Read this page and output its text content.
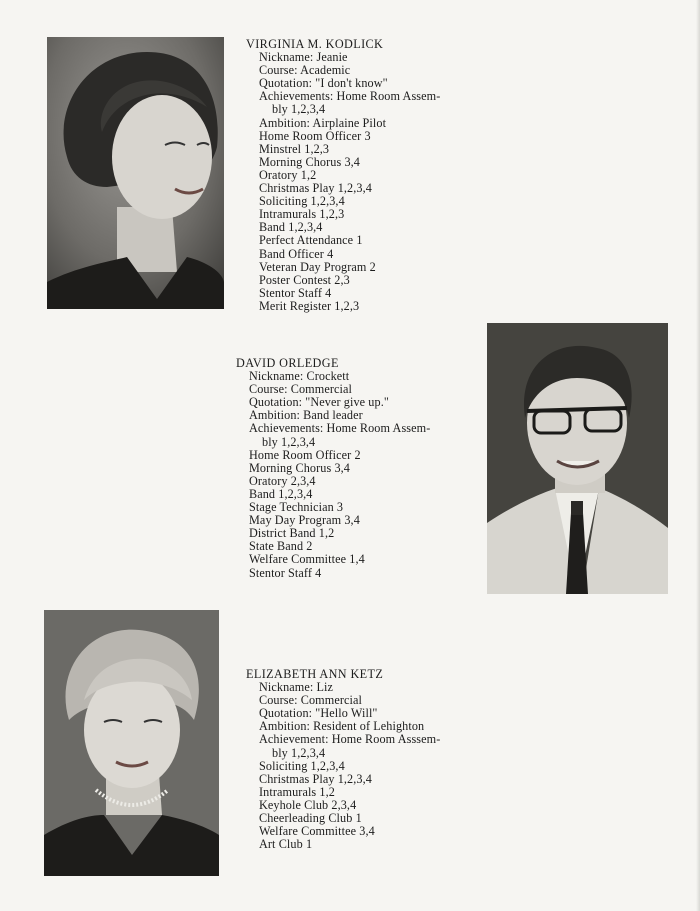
VIRGINIA M. KODLICK
Nickname: Jeanie
Course: Academic
Quotation: "I don't know"
Achievements: Home Room Assem-
bly 1,2,3,4
Ambition: Airplaine Pilot
Home Room Officer 3
Minstrel 1,2,3
Morning Chorus 3,4
Oratory 1,2
Christmas Play 1,2,3,4
Soliciting 1,2,3,4
Intramurals 1,2,3
Band 1,2,3,4
Perfect Attendance 1
Band Officer 4
Veteran Day Program 2
Poster Contest 2,3
Stentor Staff 4
Merit Register 1,2,3
DAVID ORLEDGE
Nickname: Crockett
Course: Commercial
Quotation: "Never give up."
Ambition: Band leader
Achievements: Home Room Assem-
bly 1,2,3,4
Home Room Officer 2
Morning Chorus 3,4
Oratory 2,3,4
Band 1,2,3,4
Stage Technician 3
May Day Program 3,4
District Band 1,2
State Band 2
Welfare Committee 1,4
Stentor Staff 4
ELIZABETH ANN KETZ
Nickname: Liz
Course: Commercial
Quotation: "Hello Will"
Ambition: Resident of Lehighton
Achievement: Home Room Asssem-
bly 1,2,3,4
Soliciting 1,2,3,4
Christmas Play 1,2,3,4
Intramurals 1,2
Keyhole Club 2,3,4
Cheerleading Club 1
Welfare Committee 3,4
Art Club 1
